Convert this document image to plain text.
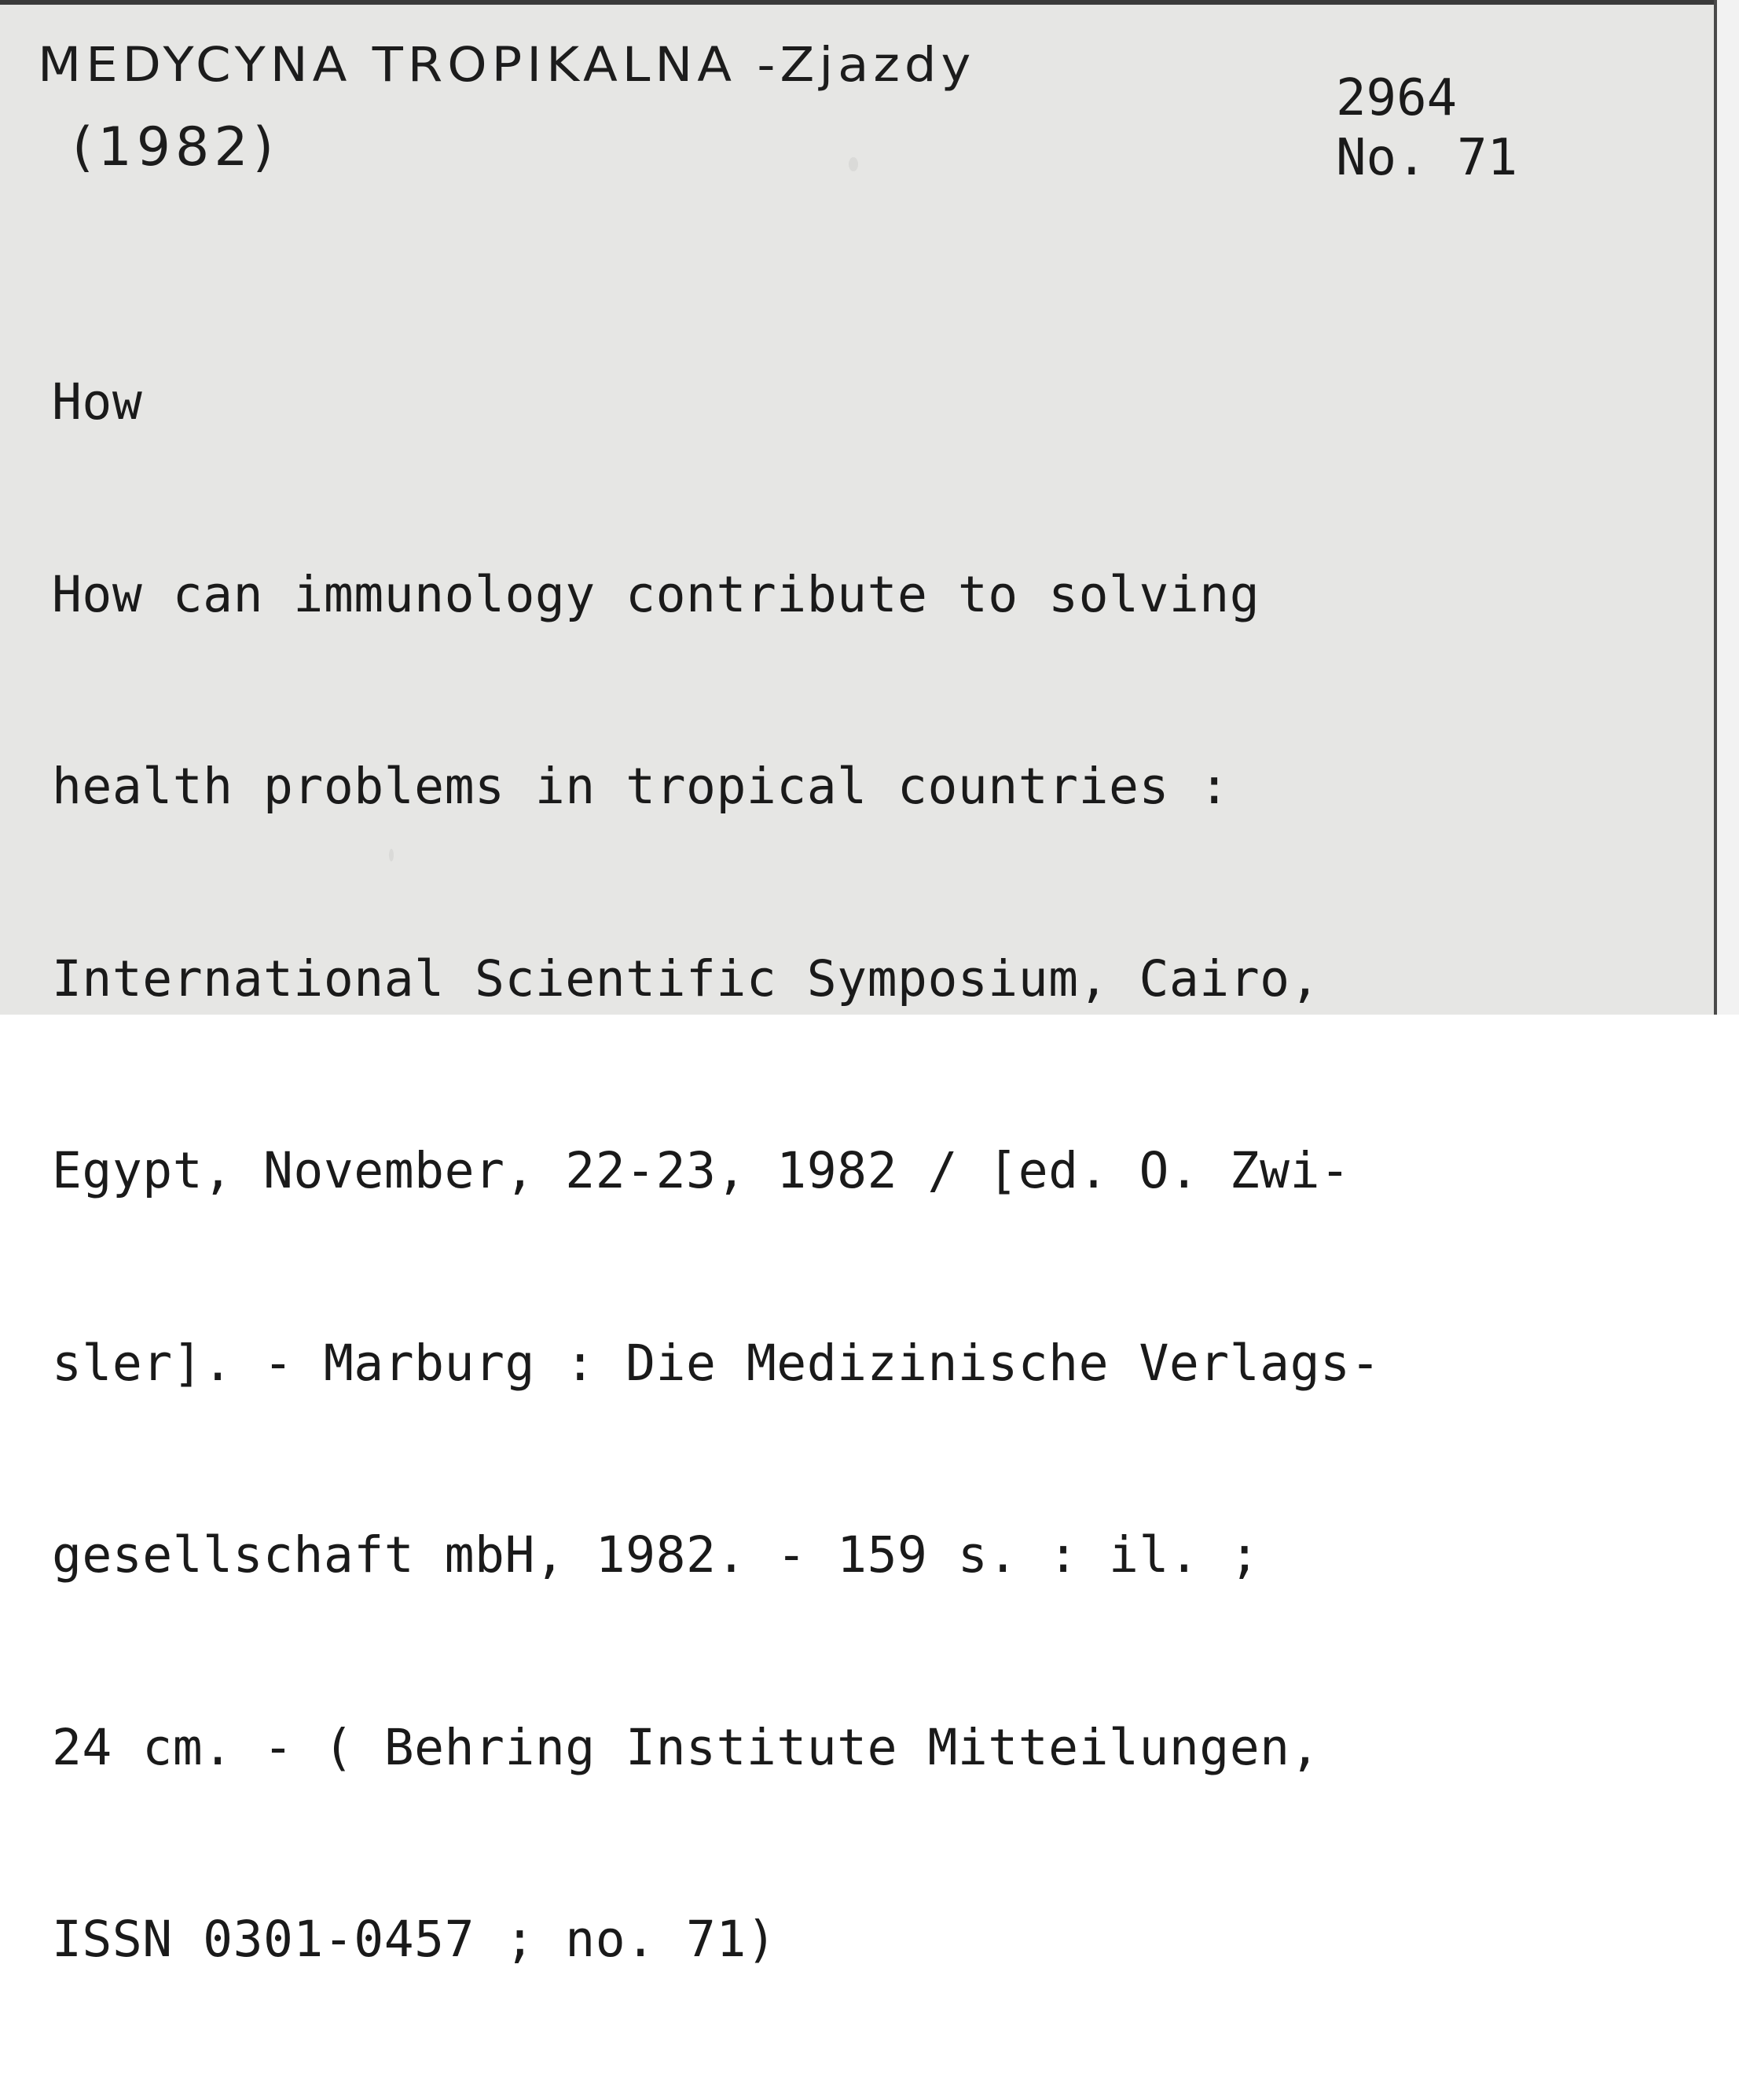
MEDYCYNA TROPIKALNA -Zjazdy
(1982)
2964
No. 71

How

How can immunology contribute to solving

health problems in tropical countries :

International Scientific Symposium, Cairo,

Egypt, November, 22-23, 1982 / [ed. O. Zwi-

sler]. - Marburg : Die Medizinische Verlags-

gesellschaft mbH, 1982. - 159 s. : il. ;

24 cm. - ( Behring Institute Mitteilungen,

ISSN 0301-0457 ; no. 71)
